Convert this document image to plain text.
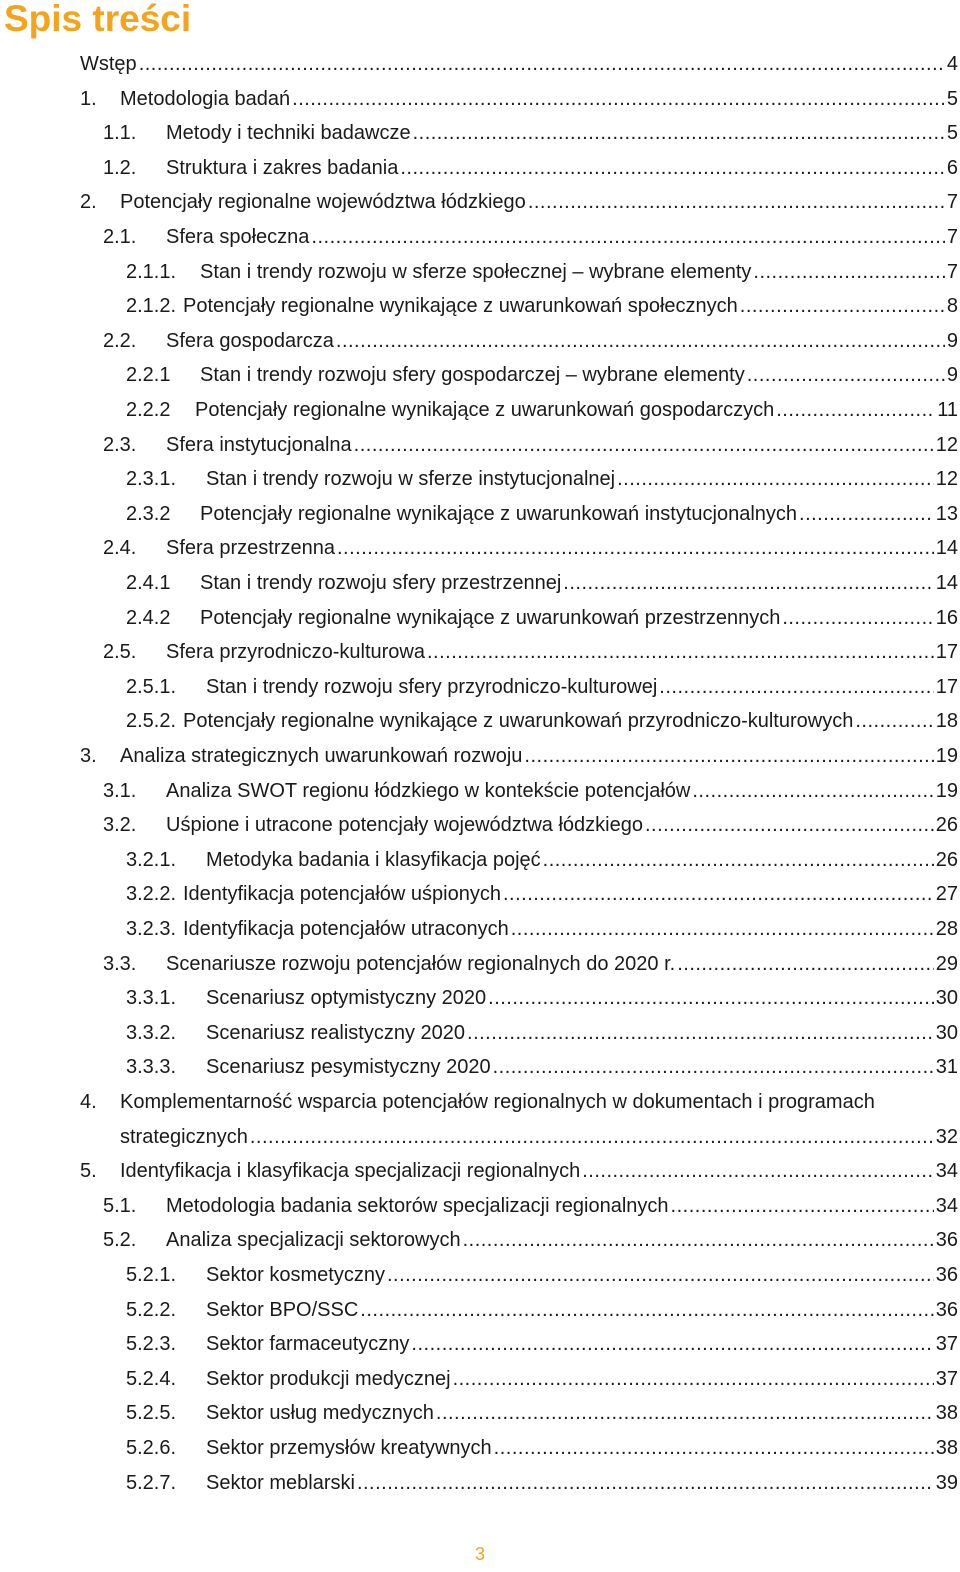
Spis treści
Wstęp .....	4
1.	Metodologia badań .....	5
1.1.	Metody i techniki badawcze .....	5
1.2.	Struktura i zakres badania .....	6
2.	Potencjały regionalne województwa łódzkiego .....	7
2.1.	Sfera społeczna .....	7
2.1.1.	Stan i trendy rozwoju w sferze społecznej – wybrane elementy .....	7
2.1.2. Potencjały regionalne wynikające z uwarunkowań społecznych .....	8
2.2.	Sfera gospodarcza .....	9
2.2.1	Stan i trendy rozwoju sfery gospodarczej – wybrane elementy .....	9
2.2.2	Potencjały regionalne wynikające z uwarunkowań gospodarczych .....	11
2.3.	Sfera instytucjonalna .....	12
2.3.1.	Stan i trendy rozwoju w sferze instytucjonalnej .....	12
2.3.2	Potencjały regionalne wynikające z uwarunkowań instytucjonalnych .....	13
2.4.	Sfera przestrzenna .....	14
2.4.1	Stan i trendy rozwoju sfery przestrzennej .....	14
2.4.2	Potencjały regionalne wynikające z uwarunkowań przestrzennych .....	16
2.5.	Sfera przyrodniczo-kulturowa .....	17
2.5.1.	Stan i trendy rozwoju sfery przyrodniczo-kulturowej .....	17
2.5.2. Potencjały regionalne wynikające z uwarunkowań przyrodniczo-kulturowych .....	18
3.	Analiza strategicznych uwarunkowań rozwoju .....	19
3.1.	Analiza SWOT regionu łódzkiego w kontekście potencjałów .....	19
3.2.	Uśpione i utracone potencjały województwa łódzkiego .....	26
3.2.1.	Metodyka badania i klasyfikacja pojęć .....	26
3.2.2. Identyfikacja potencjałów uśpionych .....	27
3.2.3. Identyfikacja potencjałów utraconych .....	28
3.3.	Scenariusze rozwoju potencjałów regionalnych do 2020 r. .....	29
3.3.1.	Scenariusz optymistyczny 2020 .....	30
3.3.2.	Scenariusz realistyczny 2020 .....	30
3.3.3.	Scenariusz pesymistyczny 2020 .....	31
4.	Komplementarność wsparcia potencjałów regionalnych w dokumentach i programach
strategicznych .....	32
5.	Identyfikacja i klasyfikacja specjalizacji regionalnych .....	34
5.1.	Metodologia badania sektorów specjalizacji regionalnych .....	34
5.2.	Analiza specjalizacji sektorowych .....	36
5.2.1.	Sektor kosmetyczny .....	36
5.2.2.	Sektor BPO/SSC .....	36
5.2.3.	Sektor farmaceutyczny .....	37
5.2.4.	Sektor produkcji medycznej .....	37
5.2.5.	Sektor usług medycznych .....	38
5.2.6.	Sektor przemysłów kreatywnych .....	38
5.2.7.	Sektor meblarski .....	39
3
